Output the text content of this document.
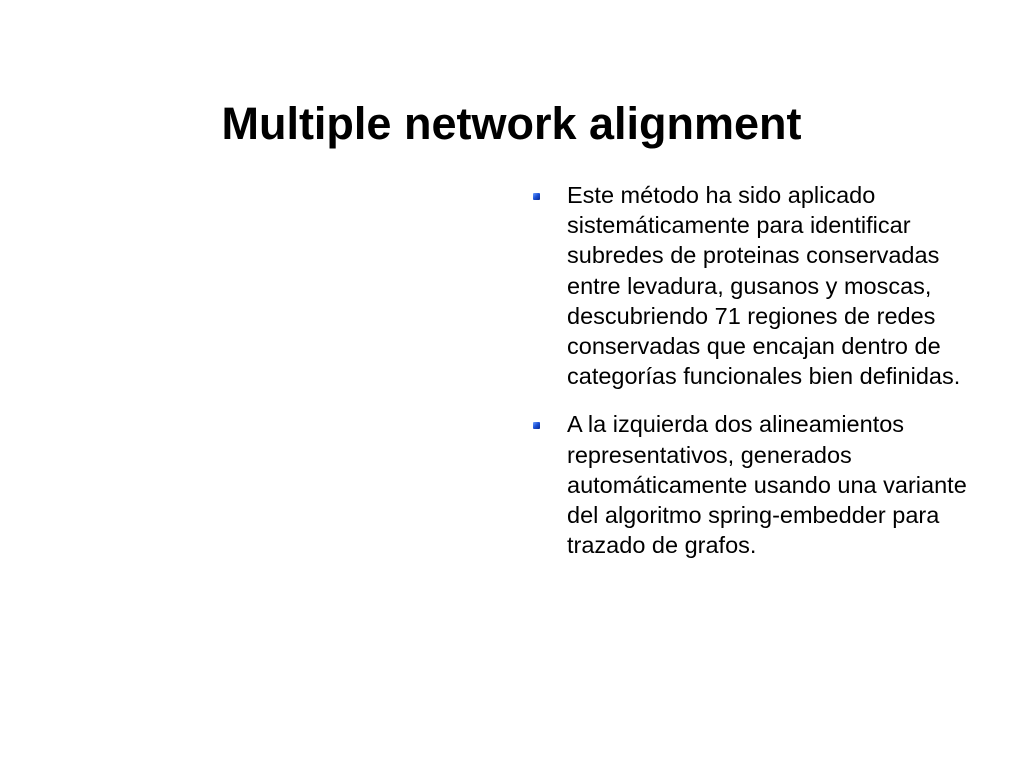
Multiple network alignment
Este método ha sido aplicado sistemáticamente para identificar subredes de proteinas conservadas entre levadura, gusanos y moscas, descubriendo 71 regiones de redes conservadas que encajan dentro de categorías funcionales bien definidas.
A la izquierda dos alineamientos representativos, generados automáticamente usando una variante del algoritmo spring-embedder para trazado de grafos.
